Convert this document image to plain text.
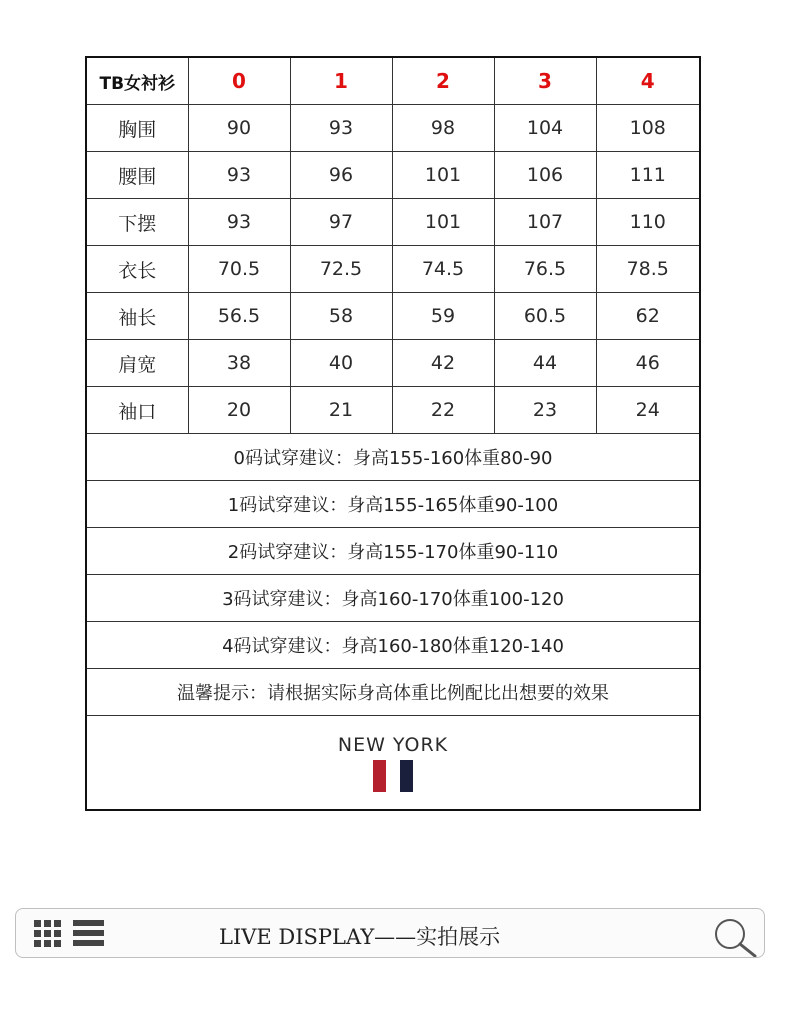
TB女衬衫	0	1	2	3	4
胸围	90	93	98	104	108
腰围	93	96	101	106	111
下摆	93	97	101	107	110
衣长	70.5	72.5	74.5	76.5	78.5
袖长	56.5	58	59	60.5	62
肩宽	38	40	42	44	46
袖口	20	21	22	23	24
0码试穿建议：身高155-160体重80-90					
1码试穿建议：身高155-165体重90-100					
2码试穿建议：身高155-170体重90-110					
3码试穿建议：身高160-170体重100-120					
4码试穿建议：身高160-180体重120-140					
温馨提示：请根据实际身高体重比例配比出想要的效果					

NEW YORK					
LIVE DISPLAY——实拍展示
